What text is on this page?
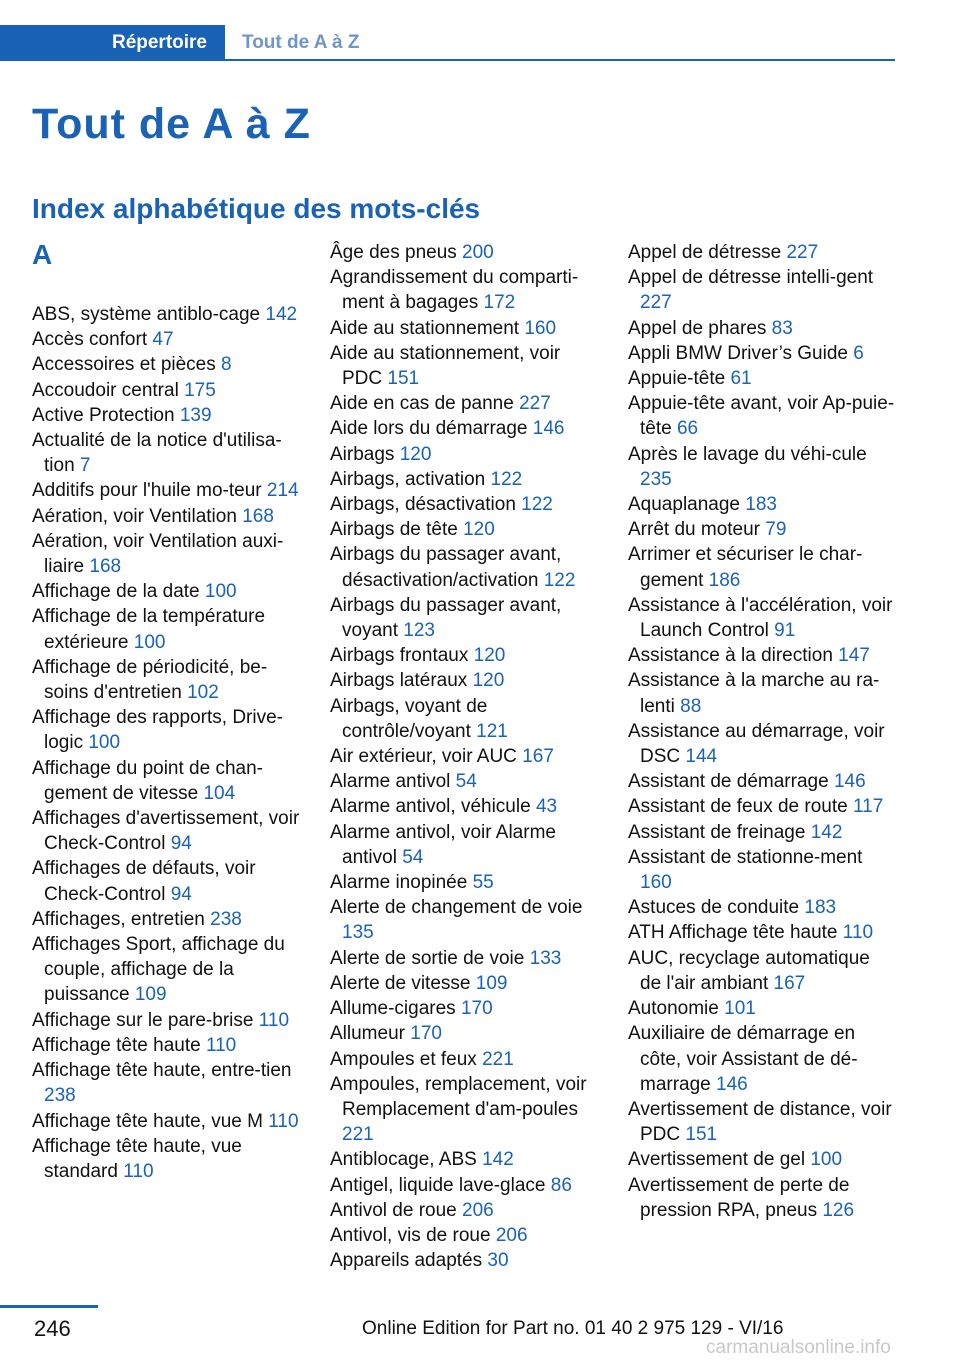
Répertoire	Tout de A à Z
Tout de A à Z
Index alphabétique des mots-clés
A
ABS, système antiblo‐cage 142
Accès confort 47
Accessoires et pièces 8
Accoudoir central 175
Active Protection 139
Actualité de la notice d'utilisa‐tion 7
Additifs pour l'huile mo‐teur 214
Aération, voir Ventilation 168
Aération, voir Ventilation auxi‐liaire 168
Affichage de la date 100
Affichage de la température extérieure 100
Affichage de périodicité, be‐soins d'entretien 102
Affichage des rapports, Drive‐logic 100
Affichage du point de chan‐gement de vitesse 104
Affichages d'avertissement, voir Check-Control 94
Affichages de défauts, voir Check-Control 94
Affichages, entretien 238
Affichages Sport, affichage du couple, affichage de la puissance 109
Affichage sur le pare-brise 110
Affichage tête haute 110
Affichage tête haute, entre‐tien 238
Affichage tête haute, vue M 110
Affichage tête haute, vue standard 110
Âge des pneus 200
Agrandissement du comparti‐ment à bagages 172
Aide au stationnement 160
Aide au stationnement, voir PDC 151
Aide en cas de panne 227
Aide lors du démarrage 146
Airbags 120
Airbags, activation 122
Airbags, désactivation 122
Airbags de tête 120
Airbags du passager avant, désactivation/activation 122
Airbags du passager avant, voyant 123
Airbags frontaux 120
Airbags latéraux 120
Airbags, voyant de contrôle/voyant 121
Air extérieur, voir AUC 167
Alarme antivol 54
Alarme antivol, véhicule 43
Alarme antivol, voir Alarme antivol 54
Alarme inopinée 55
Alerte de changement de voie 135
Alerte de sortie de voie 133
Alerte de vitesse 109
Allume-cigares 170
Allumeur 170
Ampoules et feux 221
Ampoules, remplacement, voir Remplacement d'am‐poules 221
Antiblocage, ABS 142
Antigel, liquide lave-glace 86
Antivol de roue 206
Antivol, vis de roue 206
Appareils adaptés 30
Appel de détresse 227
Appel de détresse intelli‐gent 227
Appel de phares 83
Appli BMW Driver’s Guide 6
Appuie-tête 61
Appuie-tête avant, voir Ap‐puie-tête 66
Après le lavage du véhi‐cule 235
Aquaplanage 183
Arrêt du moteur 79
Arrimer et sécuriser le char‐gement 186
Assistance à l'accélération, voir Launch Control 91
Assistance à la direction 147
Assistance à la marche au ra‐lenti 88
Assistance au démarrage, voir DSC 144
Assistant de démarrage 146
Assistant de feux de route 117
Assistant de freinage 142
Assistant de stationne‐ment 160
Astuces de conduite 183
ATH Affichage tête haute 110
AUC, recyclage automatique de l'air ambiant 167
Autonomie 101
Auxiliaire de démarrage en côte, voir Assistant de dé‐marrage 146
Avertissement de distance, voir PDC 151
Avertissement de gel 100
Avertissement de perte de pression RPA, pneus 126
246	Online Edition for Part no. 01 40 2 975 129 - VI/16
carmanualsonline.info
